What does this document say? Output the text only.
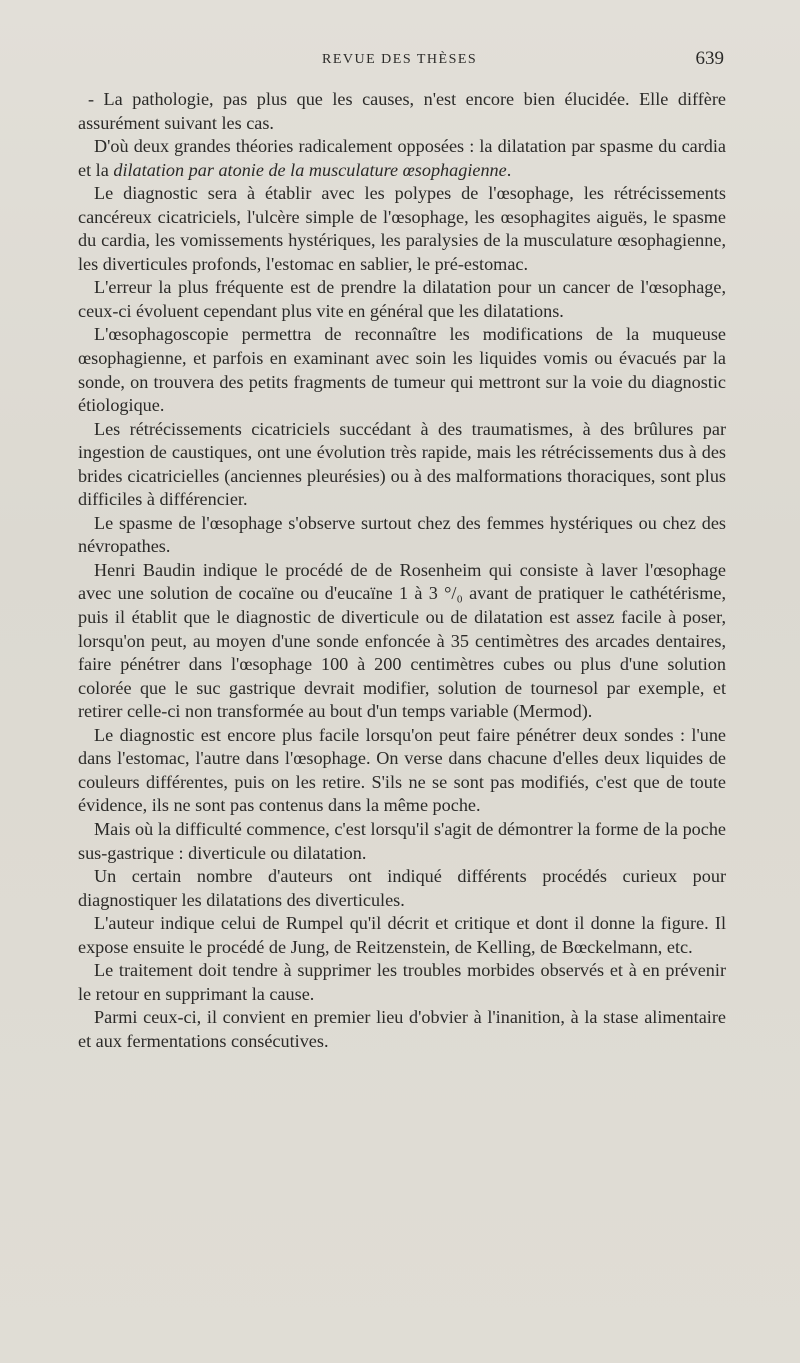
REVUE DES THÈSES	639

- La pathologie, pas plus que les causes, n'est encore bien élucidée. Elle diffère assurément suivant les cas.

D'où deux grandes théories radicalement opposées : la dilatation par spasme du cardia et la dilatation par atonie de la musculature œsophagienne.

Le diagnostic sera à établir avec les polypes de l'œsophage, les rétrécissements cancéreux cicatriciels, l'ulcère simple de l'œsophage, les œsophagites aiguës, le spasme du cardia, les vomissements hystériques, les paralysies de la musculature œsophagienne, les diverticules profonds, l'estomac en sablier, le pré-estomac.

L'erreur la plus fréquente est de prendre la dilatation pour un cancer de l'œsophage, ceux-ci évoluent cependant plus vite en général que les dilatations.

L'œsophagoscopie permettra de reconnaître les modifications de la muqueuse œsophagienne, et parfois en examinant avec soin les liquides vomis ou évacués par la sonde, on trouvera des petits fragments de tumeur qui mettront sur la voie du diagnostic étiologique.

Les rétrécissements cicatriciels succédant à des traumatismes, à des brûlures par ingestion de caustiques, ont une évolution très rapide, mais les rétrécissements dus à des brides cicatricielles (anciennes pleurésies) ou à des malformations thoraciques, sont plus difficiles à différencier.

Le spasme de l'œsophage s'observe surtout chez des femmes hystériques ou chez des névropathes.

Henri Baudin indique le procédé de de Rosenheim qui consiste à laver l'œsophage avec une solution de cocaïne ou d'eucaïne 1 à 3 °/₀ avant de pratiquer le cathétérisme, puis il établit que le diagnostic de diverticule ou de dilatation est assez facile à poser, lorsqu'on peut, au moyen d'une sonde enfoncée à 35 centimètres des arcades dentaires, faire pénétrer dans l'œsophage 100 à 200 centimètres cubes ou plus d'une solution colorée que le suc gastrique devrait modifier, solution de tournesol par exemple, et retirer celle-ci non transformée au bout d'un temps variable (Mermod).

Le diagnostic est encore plus facile lorsqu'on peut faire pénétrer deux sondes : l'une dans l'estomac, l'autre dans l'œsophage. On verse dans chacune d'elles deux liquides de couleurs différentes, puis on les retire. S'ils ne se sont pas modifiés, c'est que de toute évidence, ils ne sont pas contenus dans la même poche.

Mais où la difficulté commence, c'est lorsqu'il s'agit de démontrer la forme de la poche sus-gastrique : diverticule ou dilatation.

Un certain nombre d'auteurs ont indiqué différents procédés curieux pour diagnostiquer les dilatations des diverticules.

L'auteur indique celui de Rumpel qu'il décrit et critique et dont il donne la figure. Il expose ensuite le procédé de Jung, de Reitzenstein, de Kelling, de Bœckelmann, etc.

Le traitement doit tendre à supprimer les troubles morbides observés et à en prévenir le retour en supprimant la cause.

Parmi ceux-ci, il convient en premier lieu d'obvier à l'inanition, à la stase alimentaire et aux fermentations consécutives.
